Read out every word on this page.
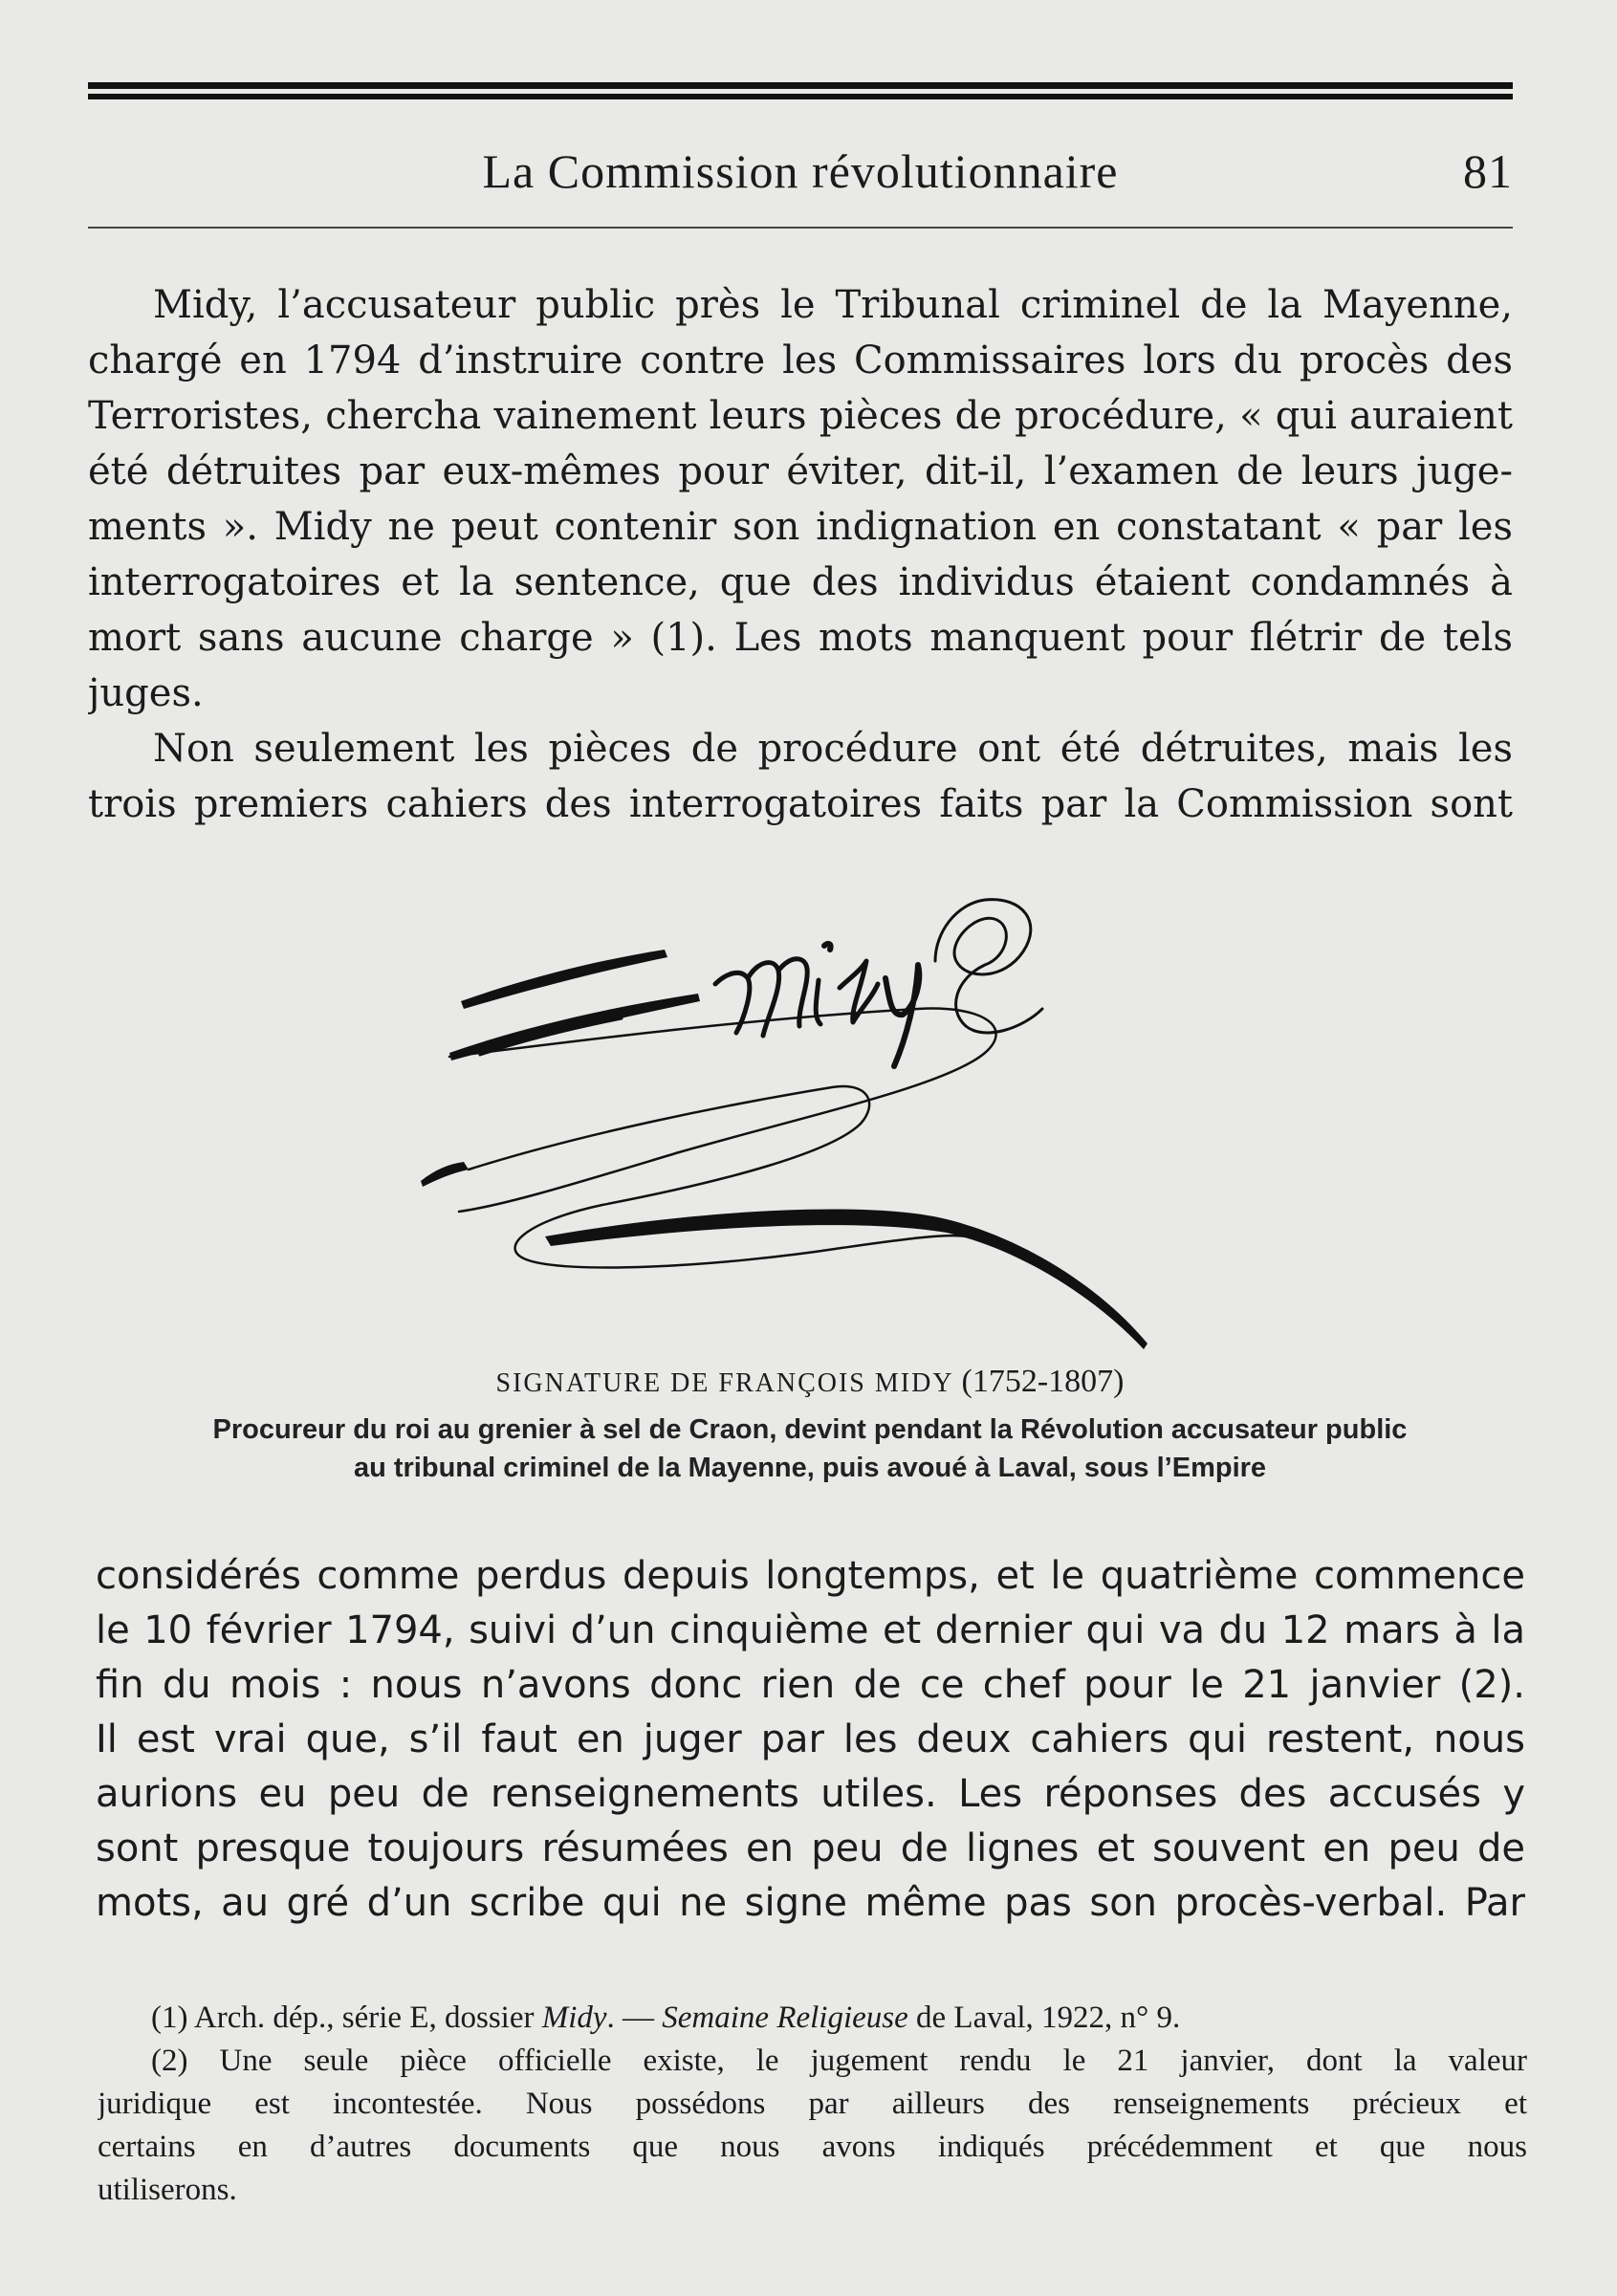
La Commission révolutionnaire	81
Midy, l’accusateur public près le Tribunal criminel de la Mayenne,
chargé en 1794 d’instruire contre les Commissaires lors du procès des
Terroristes, chercha vainement leurs pièces de procédure, « qui auraient
été détruites par eux-mêmes pour éviter, dit-il, l’examen de leurs juge-
ments ». Midy ne peut contenir son indignation en constatant « par les
interrogatoires et la sentence, que des individus étaient condamnés à
mort sans aucune charge » (1). Les mots manquent pour flétrir de tels
juges.
Non seulement les pièces de procédure ont été détruites, mais les
trois premiers cahiers des interrogatoires faits par la Commission sont
SIGNATURE DE FRANÇOIS MIDY (1752-1807)
Procureur du roi au grenier à sel de Craon, devint pendant la Révolution accusateur public
au tribunal criminel de la Mayenne, puis avoué à Laval, sous l’Empire
considérés comme perdus depuis longtemps, et le quatrième commence
le 10 février 1794, suivi d’un cinquième et dernier qui va du 12 mars à la
fin du mois : nous n’avons donc rien de ce chef pour le 21 janvier (2).
Il est vrai que, s’il faut en juger par les deux cahiers qui restent, nous
aurions eu peu de renseignements utiles. Les réponses des accusés y
sont presque toujours résumées en peu de lignes et souvent en peu de
mots, au gré d’un scribe qui ne signe même pas son procès-verbal. Par
(1) Arch. dép., série E, dossier Midy. — Semaine Religieuse de Laval, 1922, n° 9.
(2) Une seule pièce officielle existe, le jugement rendu le 21 janvier, dont la valeur
juridique est incontestée. Nous possédons par ailleurs des renseignements précieux et
certains en d’autres documents que nous avons indiqués précédemment et que nous
utiliserons.
